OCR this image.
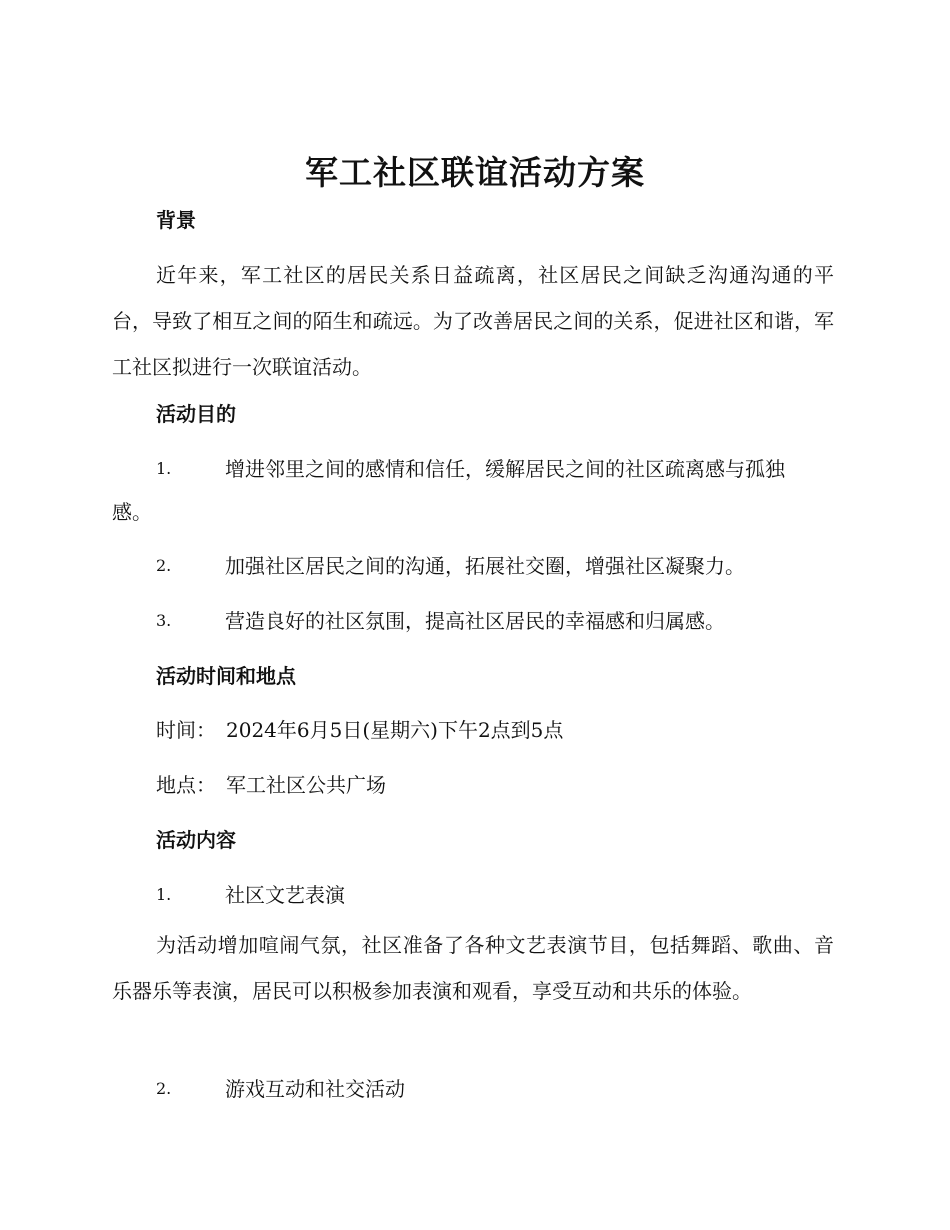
军工社区联谊活动方案
背景

近年来，军工社区的居民关系日益疏离，社区居民之间缺乏沟通沟通的平台，导致了相互之间的陌生和疏远。为了改善居民之间的关系，促进社区和谐，军工社区拟进行一次联谊活动。

活动目的
1.	增进邻里之间的感情和信任，缓解居民之间的社区疏离感与孤独
感。
2.	加强社区居民之间的沟通，拓展社交圈，增强社区凝聚力。
3.	营造良好的社区氛围，提高社区居民的幸福感和归属感。
活动时间和地点

时间： 2024年6月5日(星期六)下午2点到5点

地点： 军工社区公共广场

活动内容
1.	社区文艺表演

为活动增加喧闹气氛，社区准备了各种文艺表演节目，包括舞蹈、歌曲、音乐器乐等表演，居民可以积极参加表演和观看，享受互动和共乐的体验。

2.	游戏互动和社交活动
